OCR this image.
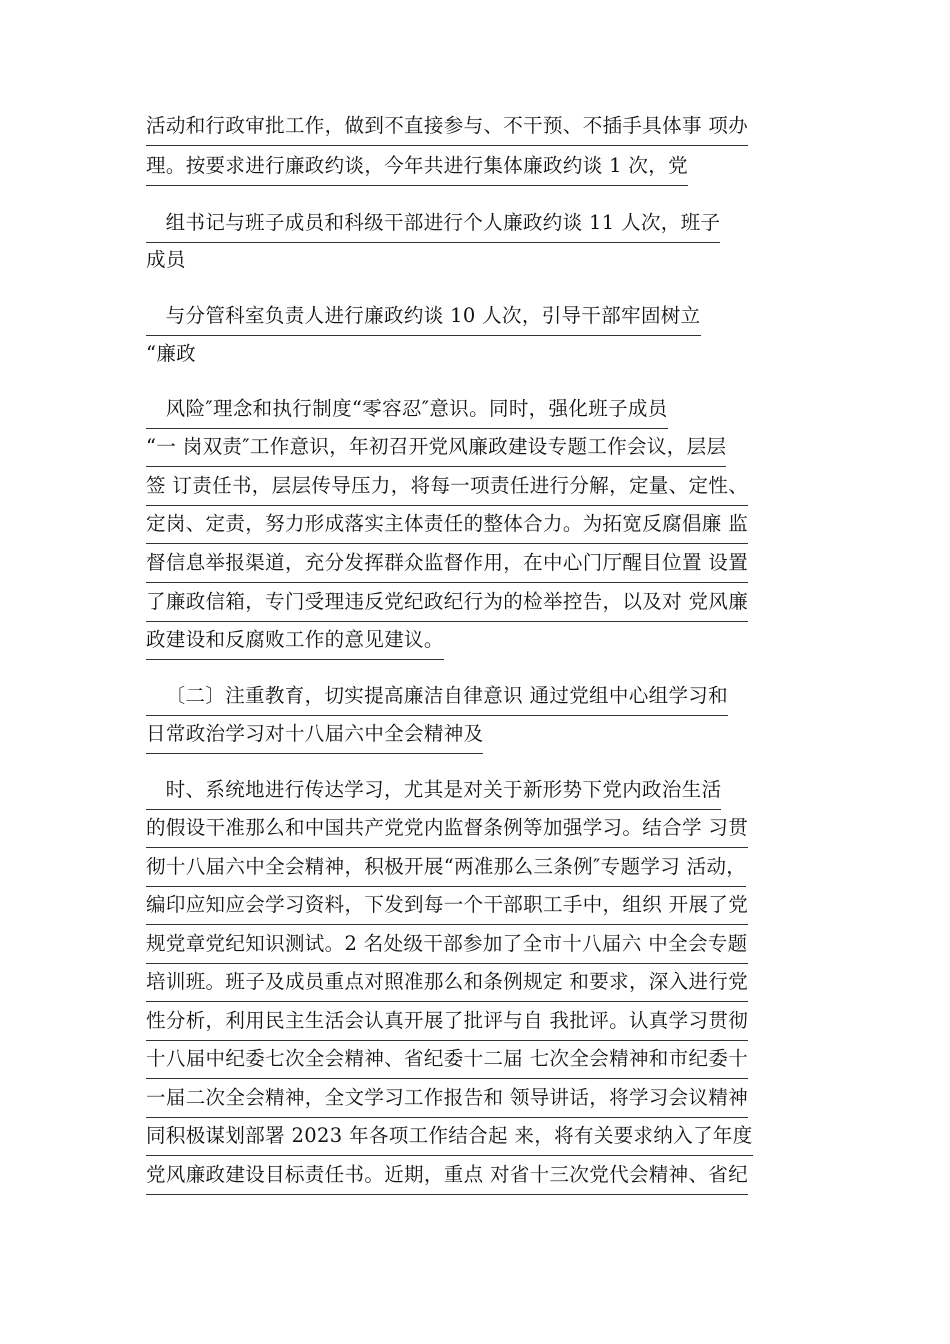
活动和行政审批工作，做到不直接参与、不干预、不插手具体事 项办
理。按要求进行廉政约谈，今年共进行集体廉政约谈 1 次，党
组书记与班子成员和科级干部进行个人廉政约谈 11 人次，班子
成员
与分管科室负责人进行廉政约谈 10 人次，引导干部牢固树立
“廉政
风险″理念和执行制度“零容忍″意识。同时，强化班子成员
“一 岗双责″工作意识，年初召开党风廉政建设专题工作会议，层层
签 订责任书，层层传导压力，将每一项责任进行分解，定量、定性、
定岗、定责，努力形成落实主体责任的整体合力。为拓宽反腐倡廉 监
督信息举报渠道，充分发挥群众监督作用，在中心门厅醒目位置 设置
了廉政信箱，专门受理违反党纪政纪行为的检举控告，以及对 党风廉
政建设和反腐败工作的意见建议。
〔二〕注重教育，切实提高廉洁自律意识 通过党组中心组学习和
日常政治学习对十八届六中全会精神及
时、系统地进行传达学习，尤其是对关于新形势下党内政治生活
的假设干准那么和中国共产党党内监督条例等加强学习。结合学 习贯
彻十八届六中全会精神，积极开展“两准那么三条例″专题学习 活动，
编印应知应会学习资料，下发到每一个干部职工手中，组织 开展了党
规党章党纪知识测试。2 名处级干部参加了全市十八届六 中全会专题
培训班。班子及成员重点对照准那么和条例规定 和要求，深入进行党
性分析，利用民主生活会认真开展了批评与自 我批评。认真学习贯彻
十八届中纪委七次全会精神、省纪委十二届 七次全会精神和市纪委十
一届二次全会精神，全文学习工作报告和 领导讲话，将学习会议精神
同积极谋划部署 2023 年各项工作结合起 来，将有关要求纳入了年度
党风廉政建设目标责任书。近期，重点 对省十三次党代会精神、省纪
